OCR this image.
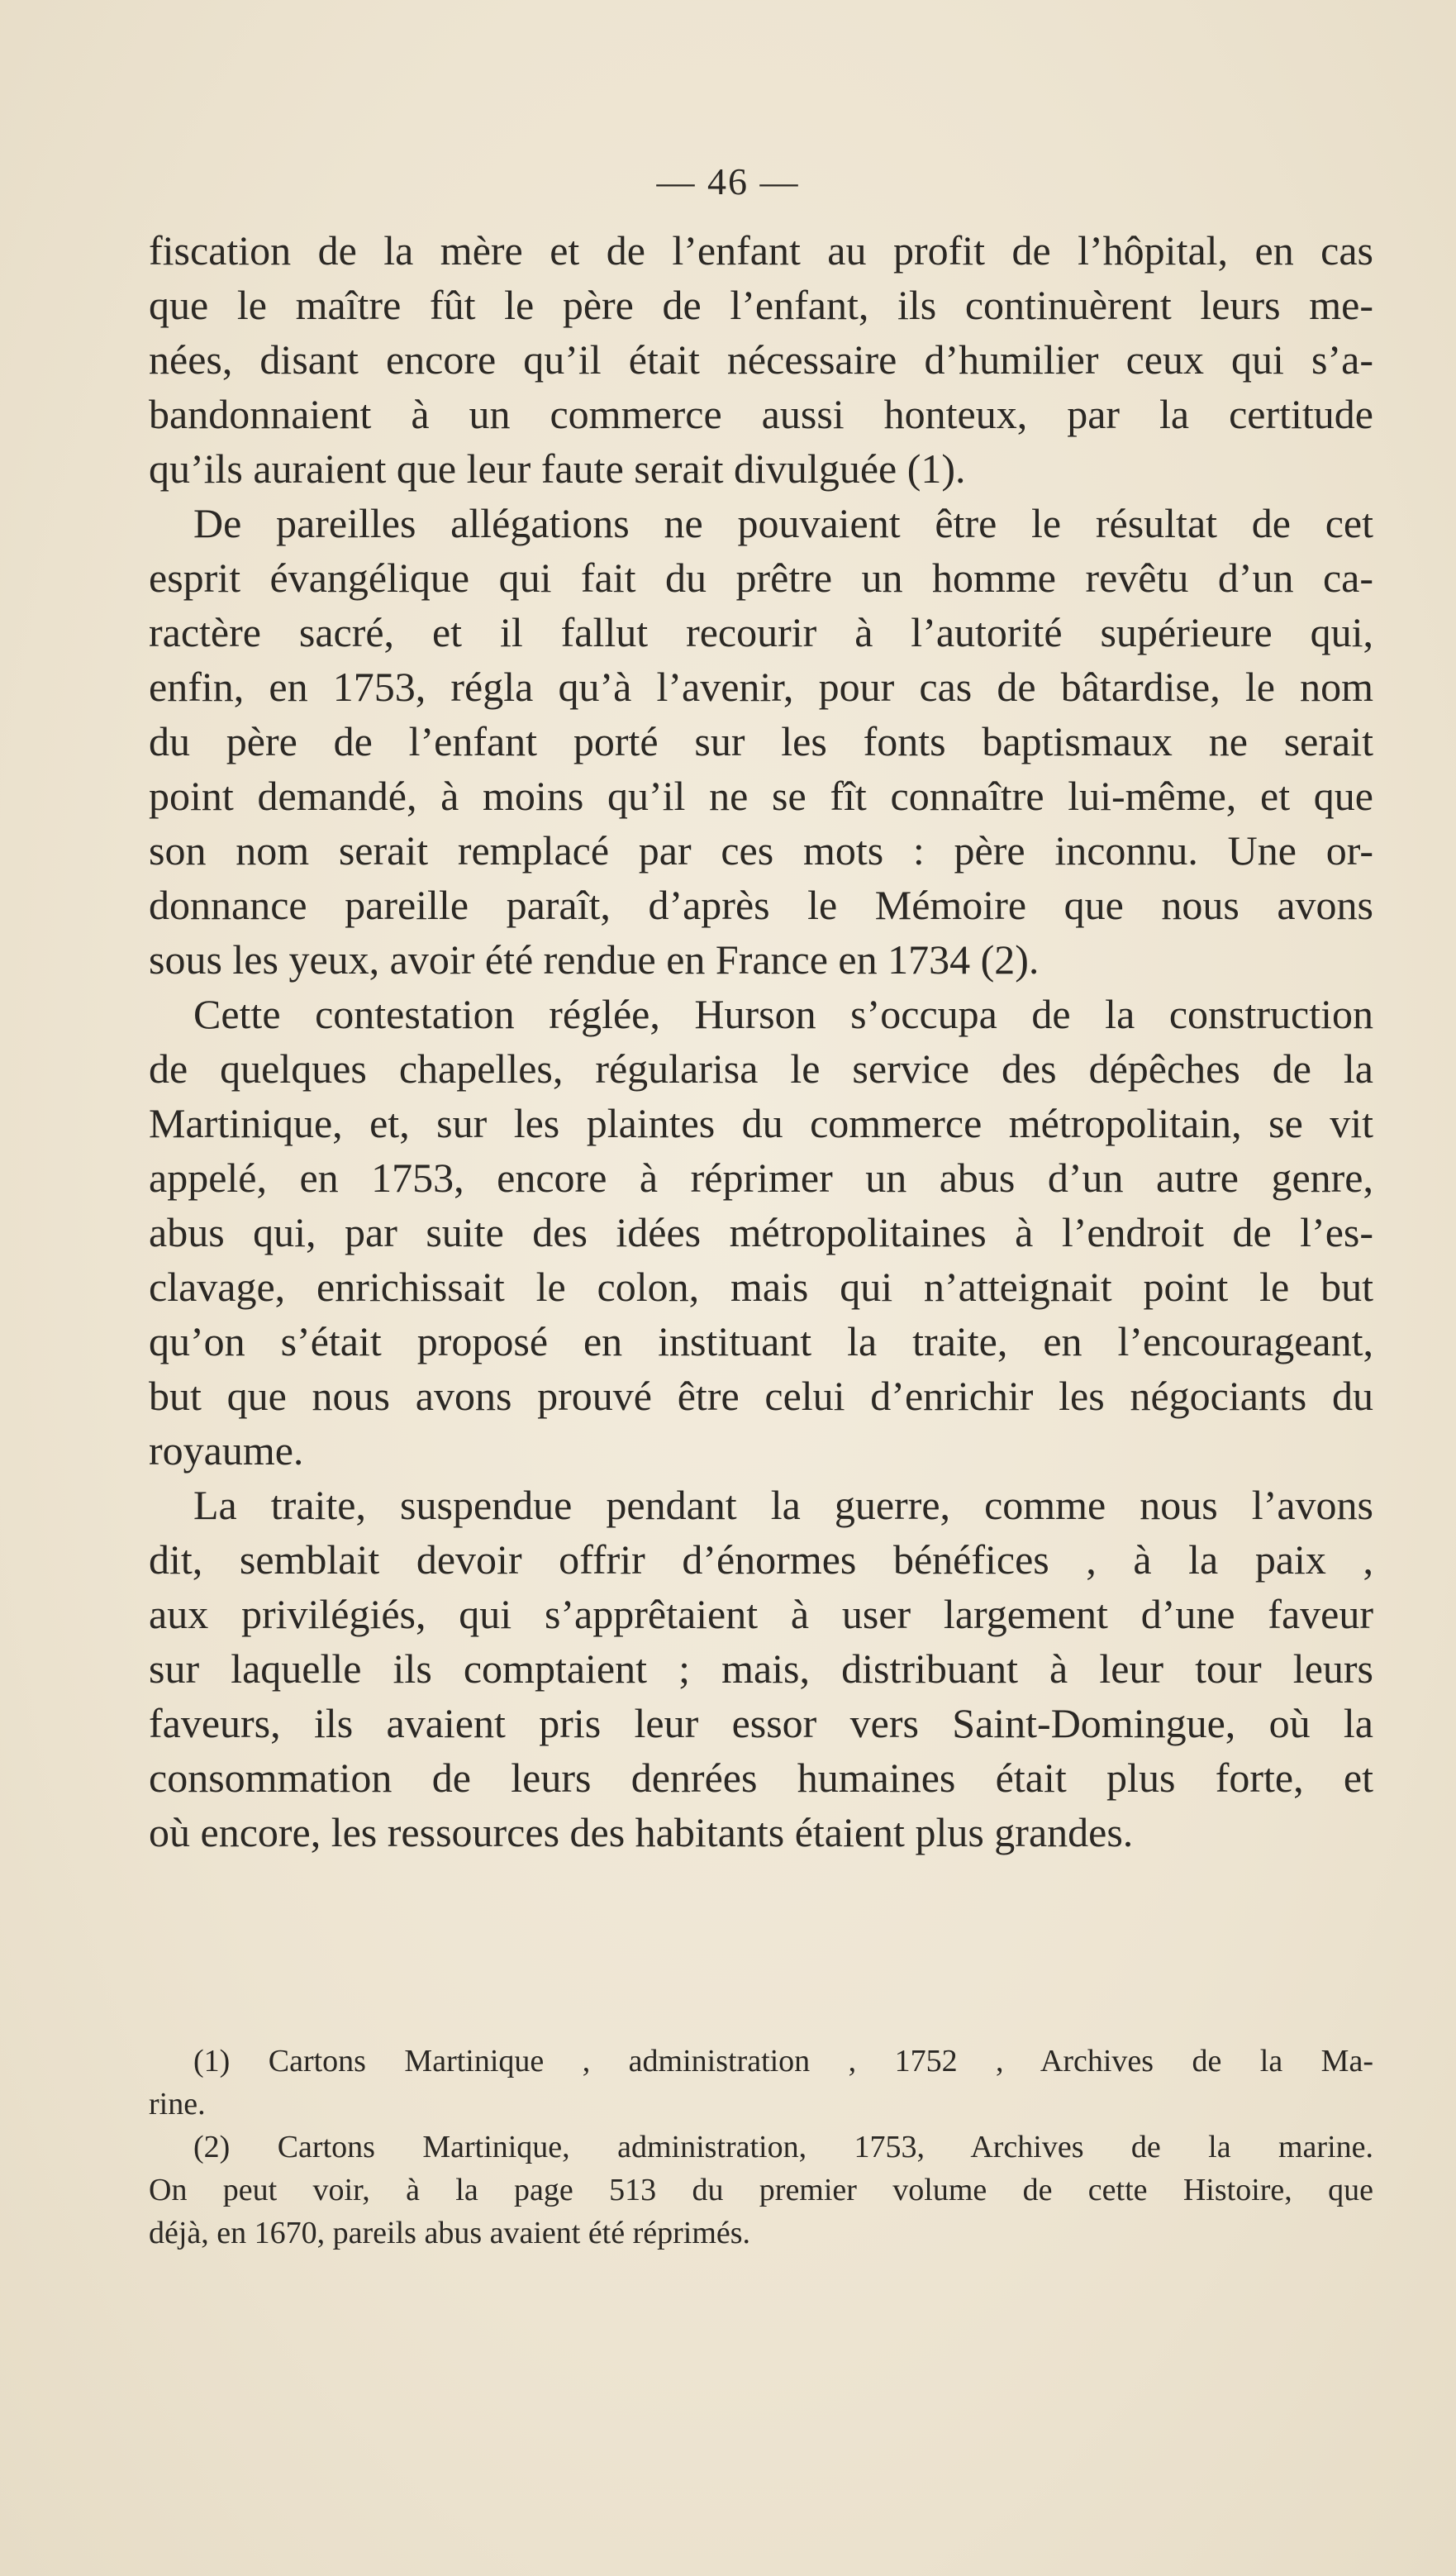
— 46 —
fiscation de la mère et de l’enfant au profit de l’hôpital, en cas
que le maître fût le père de l’enfant, ils continuèrent leurs me-
nées, disant encore qu’il était nécessaire d’humilier ceux qui s’a-
bandonnaient à un commerce aussi honteux, par la certitude
qu’ils auraient que leur faute serait divulguée (1).
De pareilles allégations ne pouvaient être le résultat de cet
esprit évangélique qui fait du prêtre un homme revêtu d’un ca-
ractère sacré, et il fallut recourir à l’autorité supérieure qui,
enfin, en 1753, régla qu’à l’avenir, pour cas de bâtardise, le nom
du père de l’enfant porté sur les fonts baptismaux ne serait
point demandé, à moins qu’il ne se fît connaître lui-même, et que
son nom serait remplacé par ces mots : père inconnu. Une or-
donnance pareille paraît, d’après le Mémoire que nous avons
sous les yeux, avoir été rendue en France en 1734 (2).
Cette contestation réglée, Hurson s’occupa de la construction
de quelques chapelles, régularisa le service des dépêches de la
Martinique, et, sur les plaintes du commerce métropolitain, se vit
appelé, en 1753, encore à réprimer un abus d’un autre genre,
abus qui, par suite des idées métropolitaines à l’endroit de l’es-
clavage, enrichissait le colon, mais qui n’atteignait point le but
qu’on s’était proposé en instituant la traite, en l’encourageant,
but que nous avons prouvé être celui d’enrichir les négociants du
royaume.
La traite, suspendue pendant la guerre, comme nous l’avons
dit, semblait devoir offrir d’énormes bénéfices , à la paix ,
aux privilégiés, qui s’apprêtaient à user largement d’une faveur
sur laquelle ils comptaient ; mais, distribuant à leur tour leurs
faveurs, ils avaient pris leur essor vers Saint-Domingue, où la
consommation de leurs denrées humaines était plus forte, et
où encore, les ressources des habitants étaient plus grandes.
(1) Cartons Martinique , administration , 1752 , Archives de la Ma-
rine.
(2) Cartons Martinique, administration, 1753, Archives de la marine.
On peut voir, à la page 513 du premier volume de cette Histoire, que
déjà, en 1670, pareils abus avaient été réprimés.
